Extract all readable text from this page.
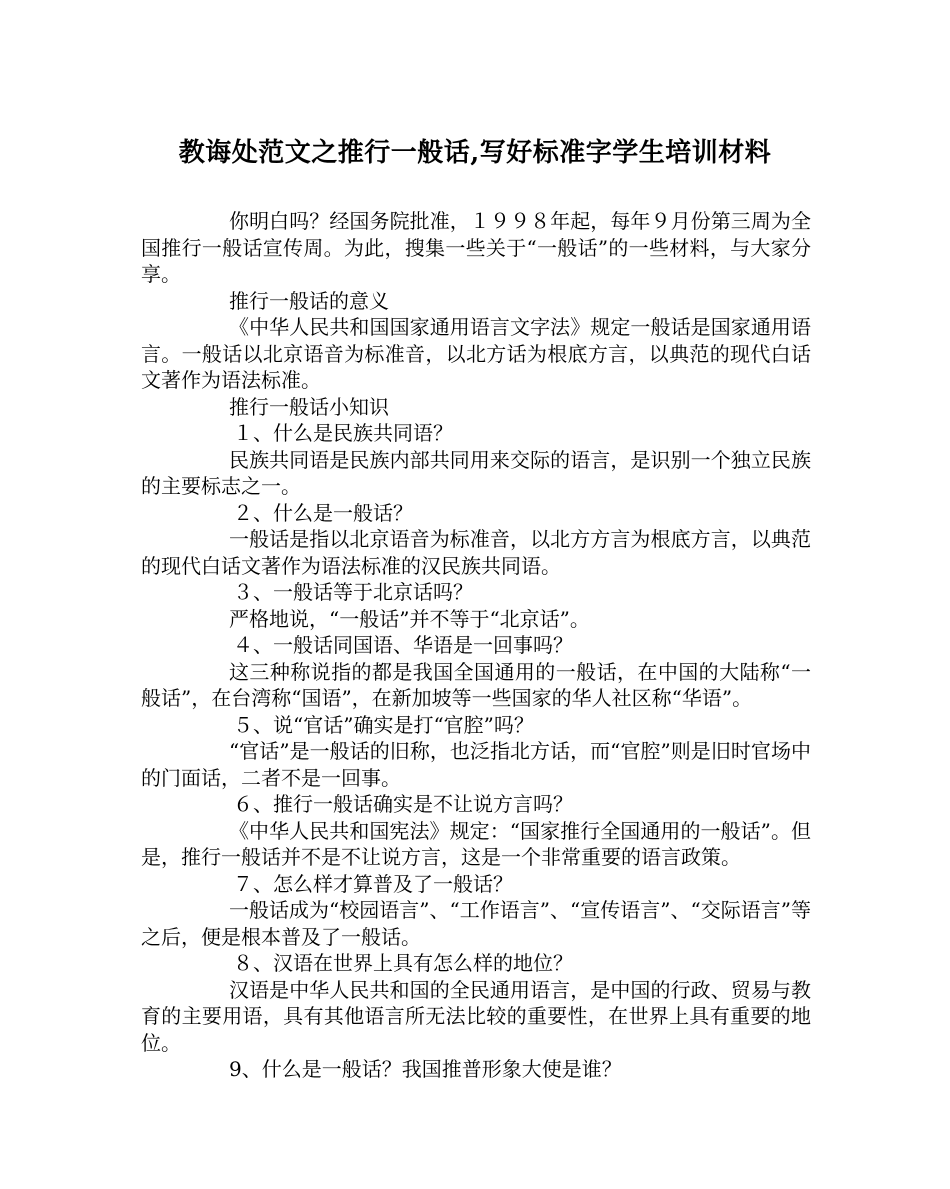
教诲处范文之推行一般话,写好标准字学生培训材料

你明白吗？经国务院批准，１９９８年起，每年９月份第三周为全国推行一般话宣传周。为此，搜集一些关于“一般话”的一些材料，与大家分享。

推行一般话的意义

《中华人民共和国国家通用语言文字法》规定一般话是国家通用语言。一般话以北京语音为标准音，以北方话为根底方言，以典范的现代白话文著作为语法标准。

推行一般话小知识

１、什么是民族共同语？

民族共同语是民族内部共同用来交际的语言，是识别一个独立民族的主要标志之一。

２、什么是一般话？

一般话是指以北京语音为标准音，以北方方言为根底方言，以典范的现代白话文著作为语法标准的汉民族共同语。

３、一般话等于北京话吗？

严格地说，“一般话”并不等于“北京话”。

４、一般话同国语、华语是一回事吗？

这三种称说指的都是我国全国通用的一般话，在中国的大陆称“一般话”，在台湾称“国语”，在新加坡等一些国家的华人社区称“华语”。

５、说“官话”确实是打“官腔”吗？

“官话”是一般话的旧称，也泛指北方话，而“官腔”则是旧时官场中的门面话，二者不是一回事。

６、推行一般话确实是不让说方言吗？

《中华人民共和国宪法》规定：“国家推行全国通用的一般话”。但是，推行一般话并不是不让说方言，这是一个非常重要的语言政策。

７、怎么样才算普及了一般话？

一般话成为“校园语言”、“工作语言”、“宣传语言”、“交际语言”等之后，便是根本普及了一般话。

８、汉语在世界上具有怎么样的地位？

汉语是中华人民共和国的全民通用语言，是中国的行政、贸易与教育的主要用语，具有其他语言所无法比较的重要性，在世界上具有重要的地位。

9、什么是一般话？我国推普形象大使是谁？
